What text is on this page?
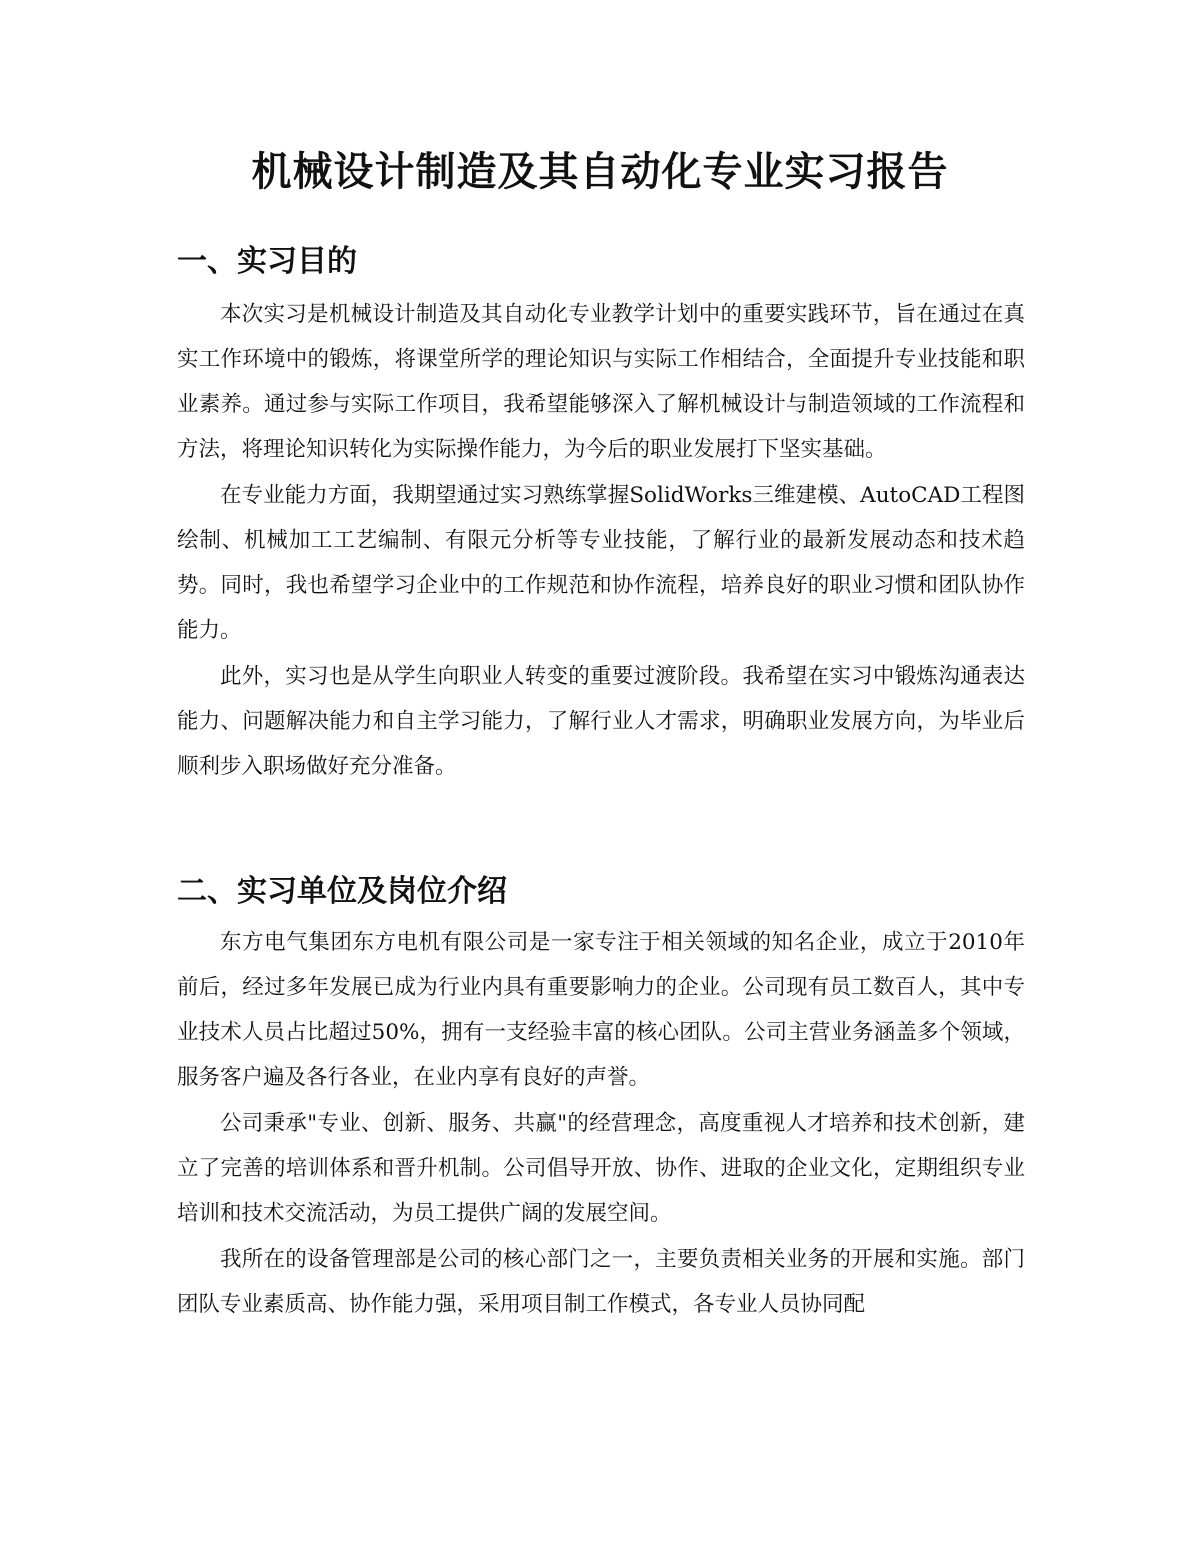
机械设计制造及其自动化专业实习报告
一、实习目的

本次实习是机械设计制造及其自动化专业教学计划中的重要实践环节，旨在通过在真实工作环境中的锻炼，将课堂所学的理论知识与实际工作相结合，全面提升专业技能和职业素养。通过参与实际工作项目，我希望能够深入了解机械设计与制造领域的工作流程和方法，将理论知识转化为实际操作能力，为今后的职业发展打下坚实基础。

在专业能力方面，我期望通过实习熟练掌握SolidWorks三维建模、AutoCAD工程图绘制、机械加工工艺编制、有限元分析等专业技能，了解行业的最新发展动态和技术趋势。同时，我也希望学习企业中的工作规范和协作流程，培养良好的职业习惯和团队协作能力。

此外，实习也是从学生向职业人转变的重要过渡阶段。我希望在实习中锻炼沟通表达能力、问题解决能力和自主学习能力，了解行业人才需求，明确职业发展方向，为毕业后顺利步入职场做好充分准备。

二、实习单位及岗位介绍

东方电气集团东方电机有限公司是一家专注于相关领域的知名企业，成立于2010年前后，经过多年发展已成为行业内具有重要影响力的企业。公司现有员工数百人，其中专业技术人员占比超过50%，拥有一支经验丰富的核心团队。公司主营业务涵盖多个领域，服务客户遍及各行各业，在业内享有良好的声誉。

公司秉承"专业、创新、服务、共赢"的经营理念，高度重视人才培养和技术创新，建立了完善的培训体系和晋升机制。公司倡导开放、协作、进取的企业文化，定期组织专业培训和技术交流活动，为员工提供广阔的发展空间。

我所在的设备管理部是公司的核心部门之一，主要负责相关业务的开展和实施。部门团队专业素质高、协作能力强，采用项目制工作模式，各专业人员协同配
